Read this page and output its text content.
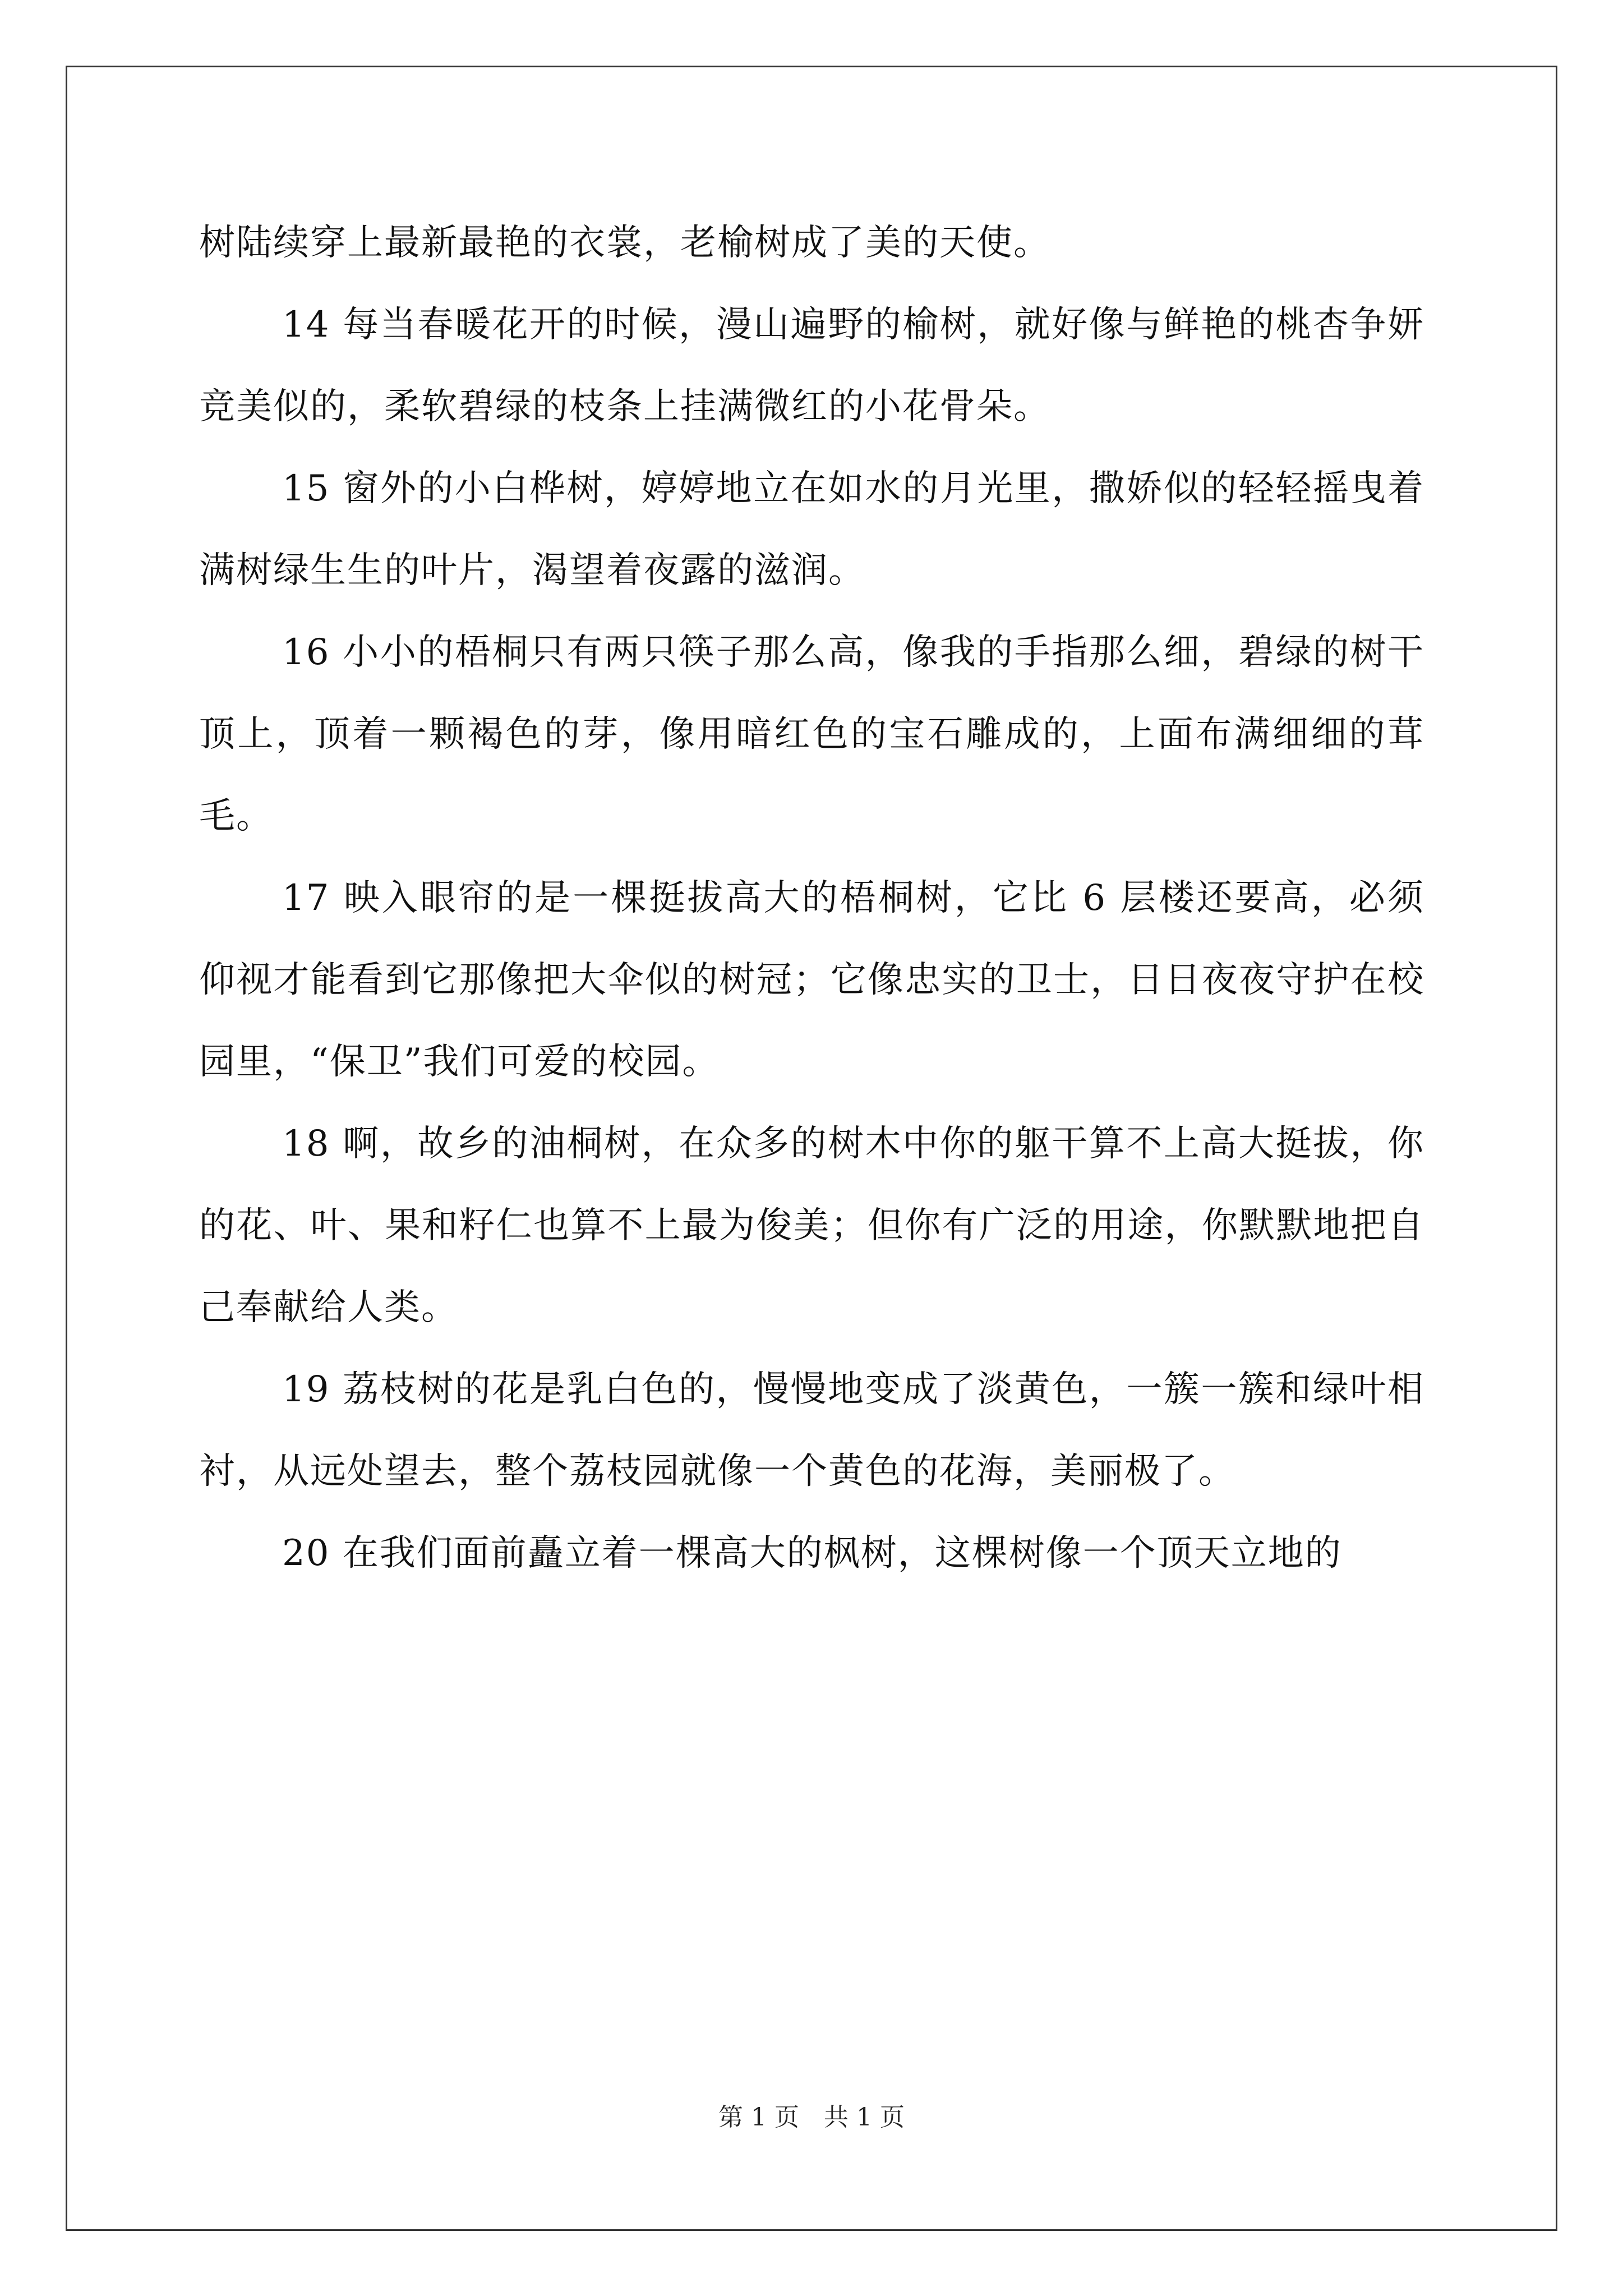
树陆续穿上最新最艳的衣裳，老榆树成了美的天使。

14 每当春暖花开的时候，漫山遍野的榆树，就好像与鲜艳的桃杏争妍竞美似的，柔软碧绿的枝条上挂满微红的小花骨朵。

15 窗外的小白桦树，婷婷地立在如水的月光里，撒娇似的轻轻摇曳着满树绿生生的叶片，渴望着夜露的滋润。

16 小小的梧桐只有两只筷子那么高，像我的手指那么细，碧绿的树干顶上，顶着一颗褐色的芽，像用暗红色的宝石雕成的，上面布满细细的茸毛。

17 映入眼帘的是一棵挺拔高大的梧桐树，它比 6 层楼还要高，必须仰视才能看到它那像把大伞似的树冠；它像忠实的卫士，日日夜夜守护在校园里，“保卫”我们可爱的校园。

18 啊，故乡的油桐树，在众多的树木中你的躯干算不上高大挺拔，你的花、叶、果和籽仁也算不上最为俊美；但你有广泛的用途，你默默地把自己奉献给人类。

19 荔枝树的花是乳白色的，慢慢地变成了淡黄色，一簇一簇和绿叶相衬，从远处望去，整个荔枝园就像一个黄色的花海，美丽极了。

20 在我们面前矗立着一棵高大的枫树，这棵树像一个顶天立地的

第 1 页　共 1 页
